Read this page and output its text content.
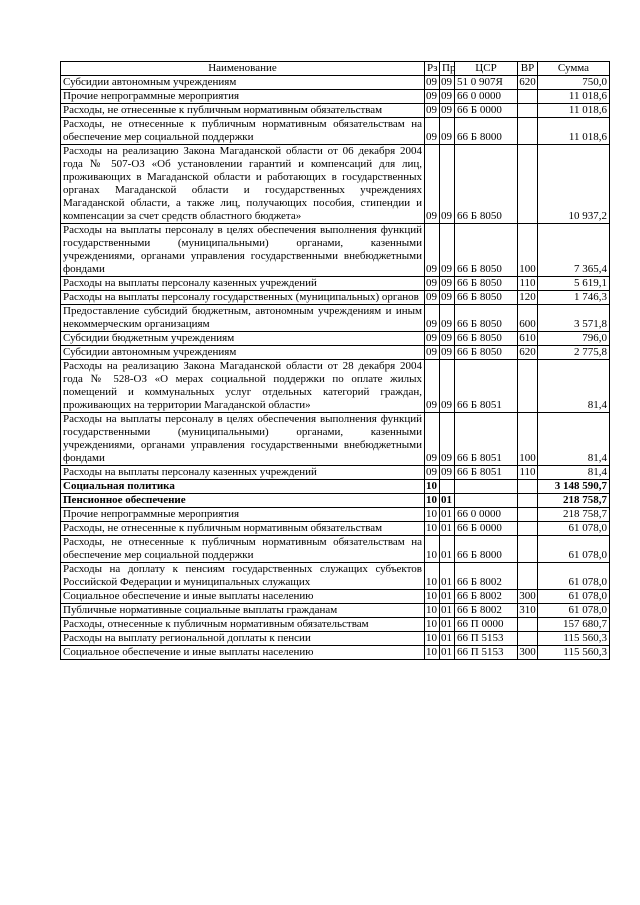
Наименование	Рз	Пр	ЦСР	ВР	Сумма
Субсидии автономным учреждениям	09	09	51 0 907Я	620	750,0
Прочие непрограммные мероприятия	09	09	66 0 0000		11 018,6
Расходы, не отнесенные к публичным нормативным обязательствам	09	09	66 Б 0000		11 018,6
Расходы, не отнесенные к публичным нормативным обязательствам на обеспечение мер социальной поддержки	09	09	66 Б 8000		11 018,6
Расходы на реализацию Закона Магаданской области от 06 декабря 2004 года № 507-ОЗ «Об установлении гарантий и компенсаций для лиц, проживающих в Магаданской области и работающих в государственных органах Магаданской области и государственных учреждениях Магаданской области, а также лиц, получающих пособия, стипендии и компенсации за счет средств областного бюджета»	09	09	66 Б 8050		10 937,2
Расходы на выплаты персоналу в целях обеспечения выполнения функций государственными (муниципальными) органами, казенными учреждениями, органами управления государственными внебюджетными фондами	09	09	66 Б 8050	100	7 365,4
Расходы на выплаты персоналу казенных учреждений	09	09	66 Б 8050	110	5 619,1
Расходы на выплаты персоналу государственных (муниципальных) органов	09	09	66 Б 8050	120	1 746,3
Предоставление субсидий бюджетным, автономным учреждениям и иным некоммерческим организациям	09	09	66 Б 8050	600	3 571,8
Субсидии бюджетным учреждениям	09	09	66 Б 8050	610	796,0
Субсидии автономным учреждениям	09	09	66 Б 8050	620	2 775,8
Расходы на реализацию Закона Магаданской области от 28 декабря 2004 года № 528-ОЗ «О мерах социальной поддержки по оплате жилых помещений и коммунальных услуг отдельных категорий граждан, проживающих на территории Магаданской области»	09	09	66 Б 8051		81,4
Расходы на выплаты персоналу в целях обеспечения выполнения функций государственными (муниципальными) органами, казенными учреждениями, органами управления государственными внебюджетными фондами	09	09	66 Б 8051	100	81,4
Расходы на выплаты персоналу казенных учреждений	09	09	66 Б 8051	110	81,4
Социальная политика	10				3 148 590,7
Пенсионное обеспечение	10	01			218 758,7
Прочие непрограммные мероприятия	10	01	66 0 0000		218 758,7
Расходы, не отнесенные к публичным нормативным обязательствам	10	01	66 Б 0000		61 078,0
Расходы, не отнесенные к публичным нормативным обязательствам на обеспечение мер социальной поддержки	10	01	66 Б 8000		61 078,0
Расходы на доплату к пенсиям государственных служащих субъектов Российской Федерации и муниципальных служащих	10	01	66 Б 8002		61 078,0
Социальное обеспечение и иные выплаты населению	10	01	66 Б 8002	300	61 078,0
Публичные нормативные социальные выплаты гражданам	10	01	66 Б 8002	310	61 078,0
Расходы, отнесенные к публичным нормативным обязательствам	10	01	66 П 0000		157 680,7
Расходы на выплату региональной доплаты к пенсии	10	01	66 П 5153		115 560,3
Социальное обеспечение и иные выплаты населению	10	01	66 П 5153	300	115 560,3
